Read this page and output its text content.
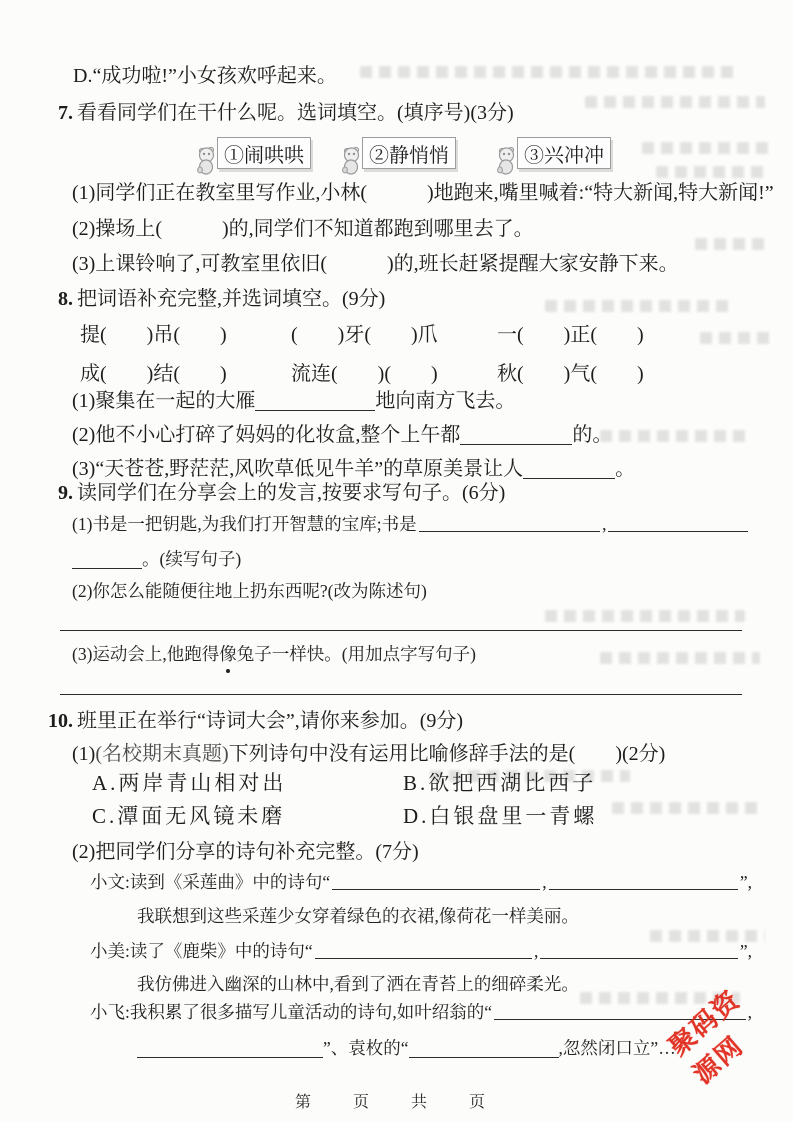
D.“成功啦!”小女孩欢呼起来。
7. 看看同学们在干什么呢。选词填空。(填序号)(3分)
①闹哄哄	②静悄悄	③兴冲冲
(1)同学们正在教室里写作业,小林(　　　)地跑来,嘴里喊着:“特大新闻,特大新闻!”
(2)操场上(　　　)的,同学们不知道都跑到哪里去了。
(3)上课铃响了,可教室里依旧(　　　)的,班长赶紧提醒大家安静下来。
8. 把词语补充完整,并选词填空。(9分)
提(　　)吊(　　)	(　　)牙(　　)爪	一(　　)正(　　)
成(　　)结(　　)	流连(　　)(　　)	秋(　　)气(　　)
(1)聚集在一起的大雁	地向南方飞去。
(2)他不小心打碎了妈妈的化妆盒,整个上午都	的。
(3)“天苍苍,野茫茫,风吹草低见牛羊”的草原美景让人	。
9. 读同学们在分享会上的发言,按要求写句子。(6分)
(1)书是一把钥匙,为我们打开智慧的宝库;书是	,
。(续写句子)
(2)你怎么能随便往地上扔东西呢?(改为陈述句)
(3)运动会上,他跑得像兔子一样快。(用加点字写句子)
10. 班里正在举行“诗词大会”,请你来参加。(9分)
(1)(名校期末真题)下列诗句中没有运用比喻修辞手法的是(　　)(2分)
A.两岸青山相对出	B.欲把西湖比西子
C.潭面无风镜未磨	D.白银盘里一青螺
(2)把同学们分享的诗句补充完整。(7分)
小文:读到《采莲曲》中的诗句“	,	”,
我联想到这些采莲少女穿着绿色的衣裙,像荷花一样美丽。
小美:读了《鹿柴》中的诗句“	,	”,
我仿佛进入幽深的山林中,看到了洒在青苔上的细碎柔光。
小飞:我积累了很多描写儿童活动的诗句,如叶绍翁的“	,
”、袁枚的“	,忽然闭口立”…
第　页　共　页
聚码资源网
